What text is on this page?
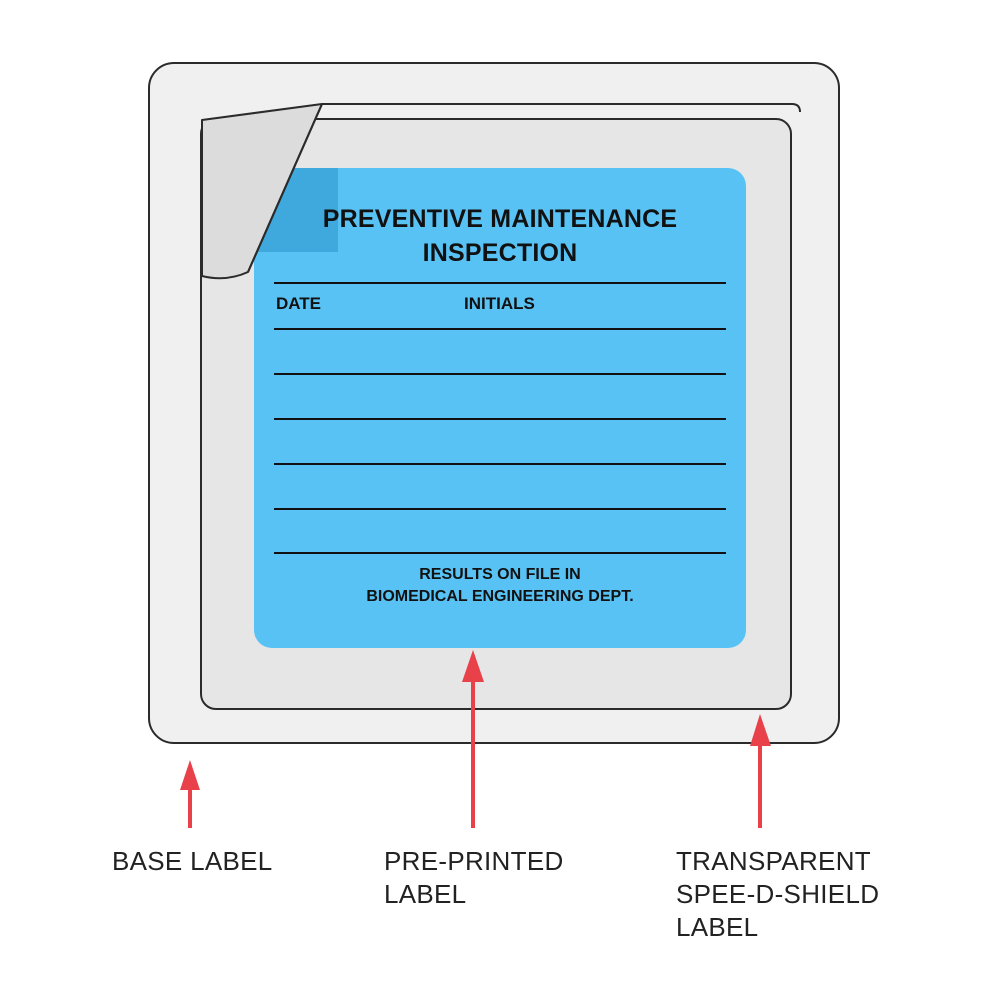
PREVENTIVE MAINTENANCE
INSPECTION
DATE	INITIALS
RESULTS ON FILE IN
BIOMEDICAL ENGINEERING DEPT.
BASE LABEL	PRE-PRINTED
LABEL
TRANSPARENT
SPEE-D-SHIELD
LABEL
